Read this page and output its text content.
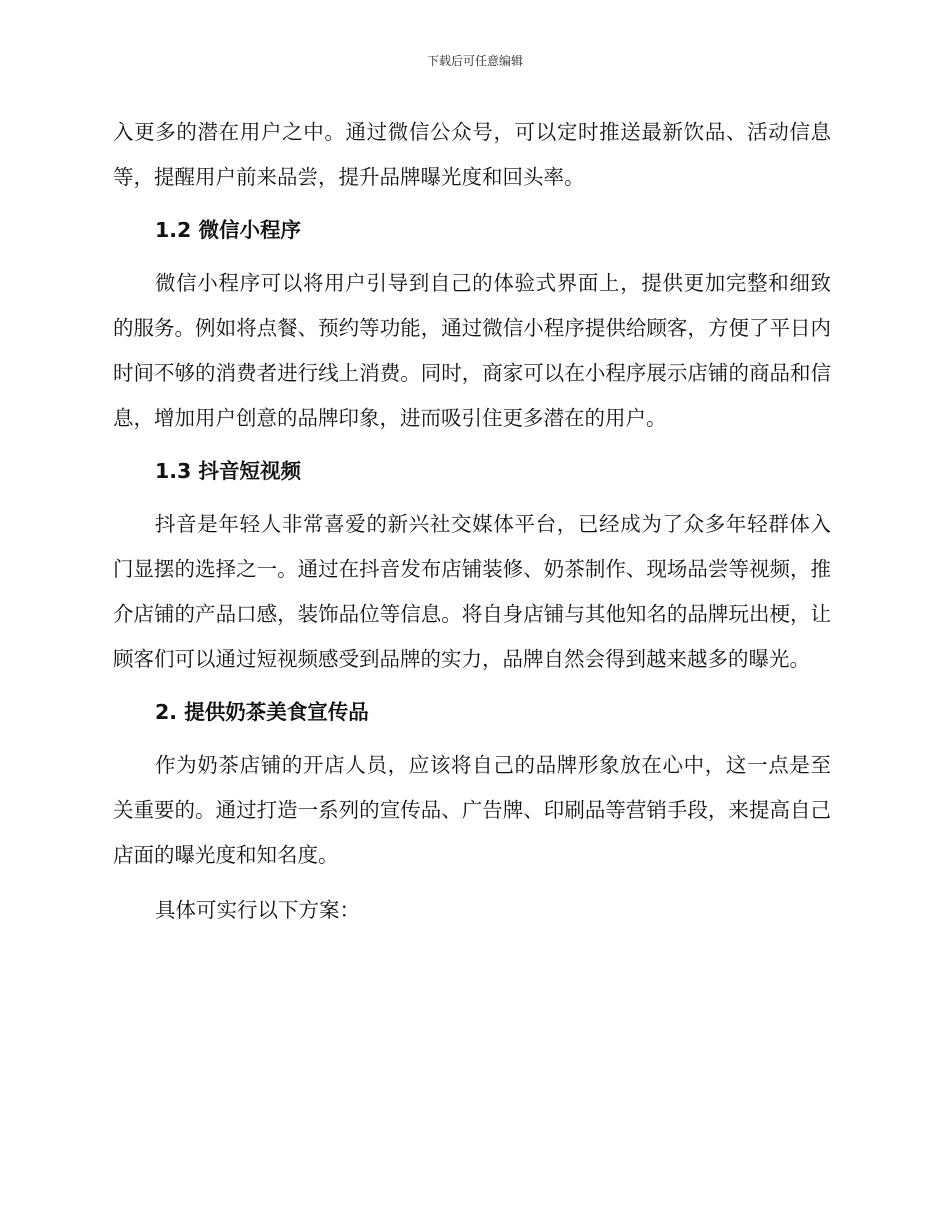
下载后可任意编辑

入更多的潜在用户之中。通过微信公众号，可以定时推送最新饮品、活动信息等，提醒用户前来品尝，提升品牌曝光度和回头率。

1.2 微信小程序

微信小程序可以将用户引导到自己的体验式界面上，提供更加完整和细致的服务。例如将点餐、预约等功能，通过微信小程序提供给顾客，方便了平日内时间不够的消费者进行线上消费。同时，商家可以在小程序展示店铺的商品和信息，增加用户创意的品牌印象，进而吸引住更多潜在的用户。

1.3 抖音短视频

抖音是年轻人非常喜爱的新兴社交媒体平台，已经成为了众多年轻群体入门显摆的选择之一。通过在抖音发布店铺装修、奶茶制作、现场品尝等视频，推介店铺的产品口感，装饰品位等信息。将自身店铺与其他知名的品牌玩出梗，让顾客们可以通过短视频感受到品牌的实力，品牌自然会得到越来越多的曝光。

2. 提供奶茶美食宣传品

作为奶茶店铺的开店人员，应该将自己的品牌形象放在心中，这一点是至关重要的。通过打造一系列的宣传品、广告牌、印刷品等营销手段，来提高自己店面的曝光度和知名度。

具体可实行以下方案：
